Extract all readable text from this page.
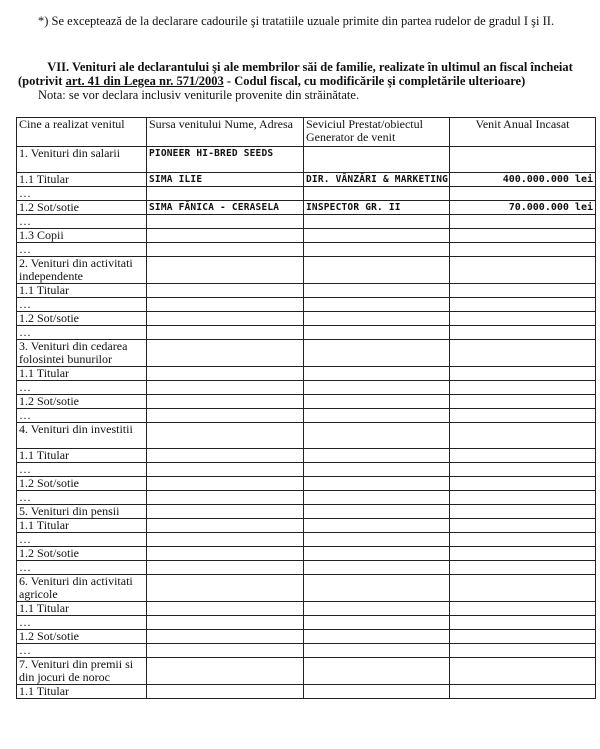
*) Se exceptează de la declarare cadourile şi tratatiile uzuale primite din partea rudelor de gradul I şi II.
VII. Venituri ale declarantului şi ale membrilor săi de familie, realizate în ultimul an fiscal încheiat
(potrivit art. 41 din Legea nr. 571/2003 - Codul fiscal, cu modificările şi completările ulterioare)
Nota: se vor declara inclusiv veniturile provenite din străinătate.
Cine a realizat venitul	Sursa venitului Nume, Adresa	Seviciul Prestat/obiectul Generator de venit	Venit Anual Incasat
1. Venituri din salarii	PIONEER HI-BRED SEEDS		
1.1 Titular	SIMA ILIE	DIR. VÂNZĂRI & MARKETING	400.000.000 lei
…			
1.2 Sot/sotie	SIMA FĂNICA - CERASELA	INSPECTOR GR. II	70.000.000 lei
…			
1.3 Copii			
…			
2. Venituri din activitati independente			
1.1 Titular			
…			
1.2 Sot/sotie			
…			
3. Venituri din cedarea folosintei bunurilor			
1.1 Titular			
…			
1.2 Sot/sotie			
…			
4. Venituri din investitii			
1.1 Titular			
…			
1.2 Sot/sotie			
…			
5. Venituri din pensii			
1.1 Titular			
…			
1.2 Sot/sotie			
…			
6. Venituri din activitati agricole			
1.1 Titular			
…			
1.2 Sot/sotie			
…			
7. Venituri din premii si din jocuri de noroc			
1.1 Titular			
